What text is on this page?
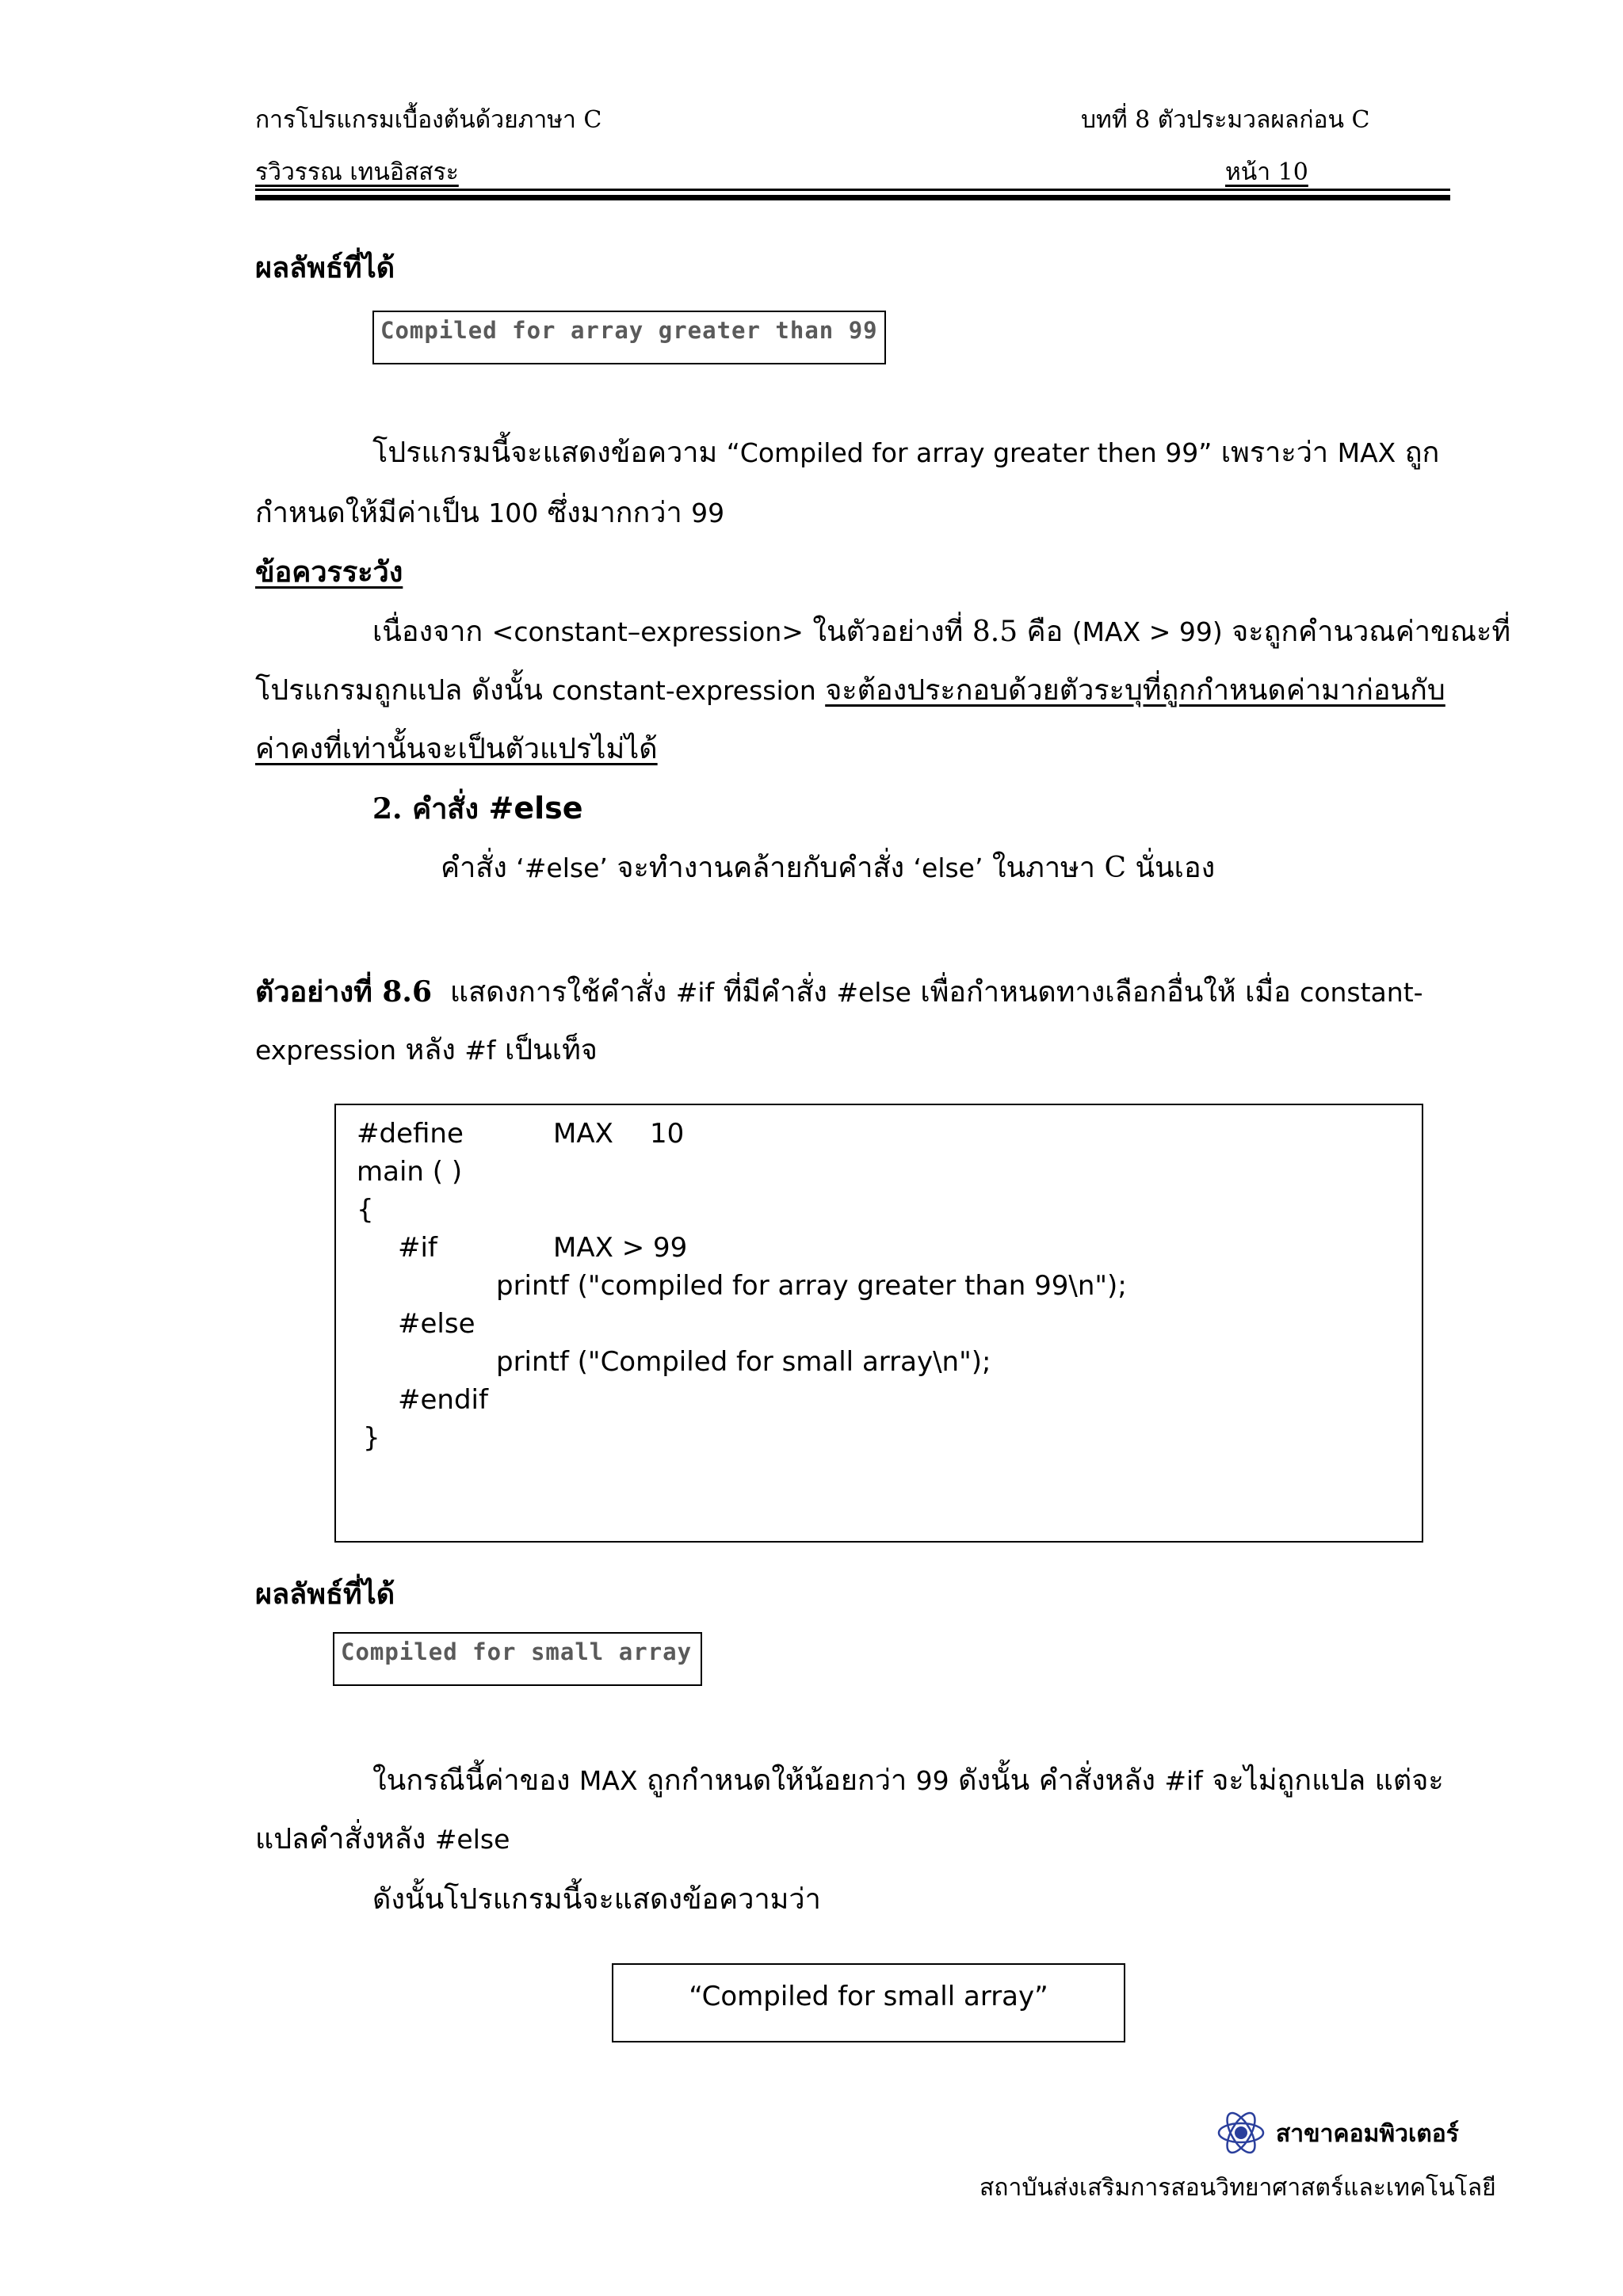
การโปรแกรมเบื้องต้นด้วยภาษา C	บทที่ 8 ตัวประมวลผลก่อน C
รวิวรรณ เทนอิสสระ	หน้า 10
ผลลัพธ์ที่ได้
Compiled for array greater than 99
โปรแกรมนี้จะแสดงข้อความ “Compiled for array greater then 99” เพราะว่า MAX ถูก
กำหนดให้มีค่าเป็น 100 ซึ่งมากกว่า 99
ข้อควรระวัง
เนื่องจาก <constant–expression> ในตัวอย่างที่ 8.5 คือ (MAX > 99) จะถูกคำนวณค่าขณะที่
โปรแกรมถูกแปล ดังนั้น constant-expression จะต้องประกอบด้วยตัวระบุที่ถูกกำหนดค่ามาก่อนกับ
ค่าคงที่เท่านั้นจะเป็นตัวแปรไม่ได้
2. คำสั่ง #else
คำสั่ง ‘#else’ จะทำงานคล้ายกับคำสั่ง ‘else’ ในภาษา C นั่นเอง
ตัวอย่างที่ 8.6 แสดงการใช้คำสั่ง #if ที่มีคำสั่ง #else เพื่อกำหนดทางเลือกอื่นให้ เมื่อ constant-
expression หลัง #f เป็นเท็จ
#define	MAX 10
main ( )
{
#if	MAX > 99
printf ("compiled for array greater than 99\n");
#else
printf ("Compiled for small array\n");
#endif
}
ผลลัพธ์ที่ได้
Compiled for small array
ในกรณีนี้ค่าของ MAX ถูกกำหนดให้น้อยกว่า 99 ดังนั้น คำสั่งหลัง #if จะไม่ถูกแปล แต่จะ
แปลคำสั่งหลัง #else
ดังนั้นโปรแกรมนี้จะแสดงข้อความว่า
“Compiled for small array”
สาขาคอมพิวเตอร์
สถาบันส่งเสริมการสอนวิทยาศาสตร์และเทคโนโลยี
